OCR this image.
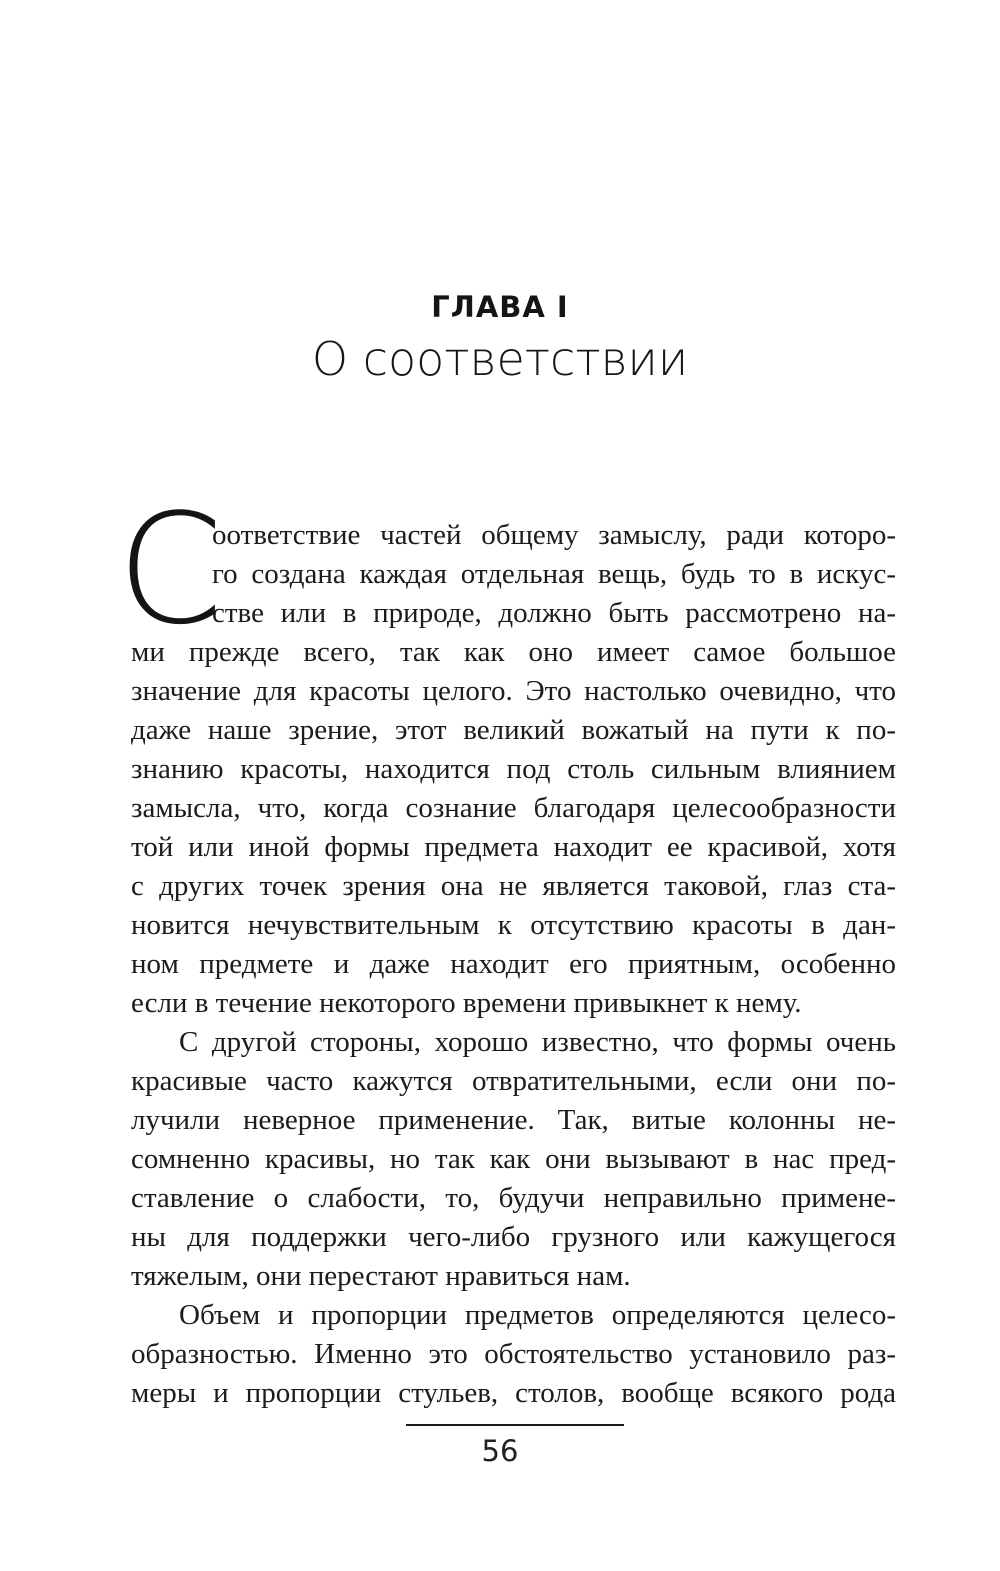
ГЛАВА I
О соответствии
С
оответствие частей общему замыслу, ради которо-
го создана каждая отдельная вещь, будь то в искус-
стве или в природе, должно быть рассмотрено на-
ми прежде всего, так как оно имеет самое большое
значение для красоты целого. Это настолько очевидно, что
даже наше зрение, этот великий вожатый на пути к по-
знанию красоты, находится под столь сильным влиянием
замысла, что, когда сознание благодаря целесообразности
той или иной формы предмета находит ее красивой, хотя
с других точек зрения она не является таковой, глаз ста-
новится нечувствительным к отсутствию красоты в дан-
ном предмете и даже находит его приятным, особенно
если в течение некоторого времени привыкнет к нему.
С другой стороны, хорошо известно, что формы очень
красивые часто кажутся отвратительными, если они по-
лучили неверное применение. Так, витые колонны не-
сомненно красивы, но так как они вызывают в нас пред-
ставление о слабости, то, будучи неправильно примене-
ны для поддержки чего-либо грузного или кажущегося
тяжелым, они перестают нравиться нам.
Объем и пропорции предметов определяются целесо-
образностью. Именно это обстоятельство установило раз-
меры и пропорции стульев, столов, вообще всякого рода
56
